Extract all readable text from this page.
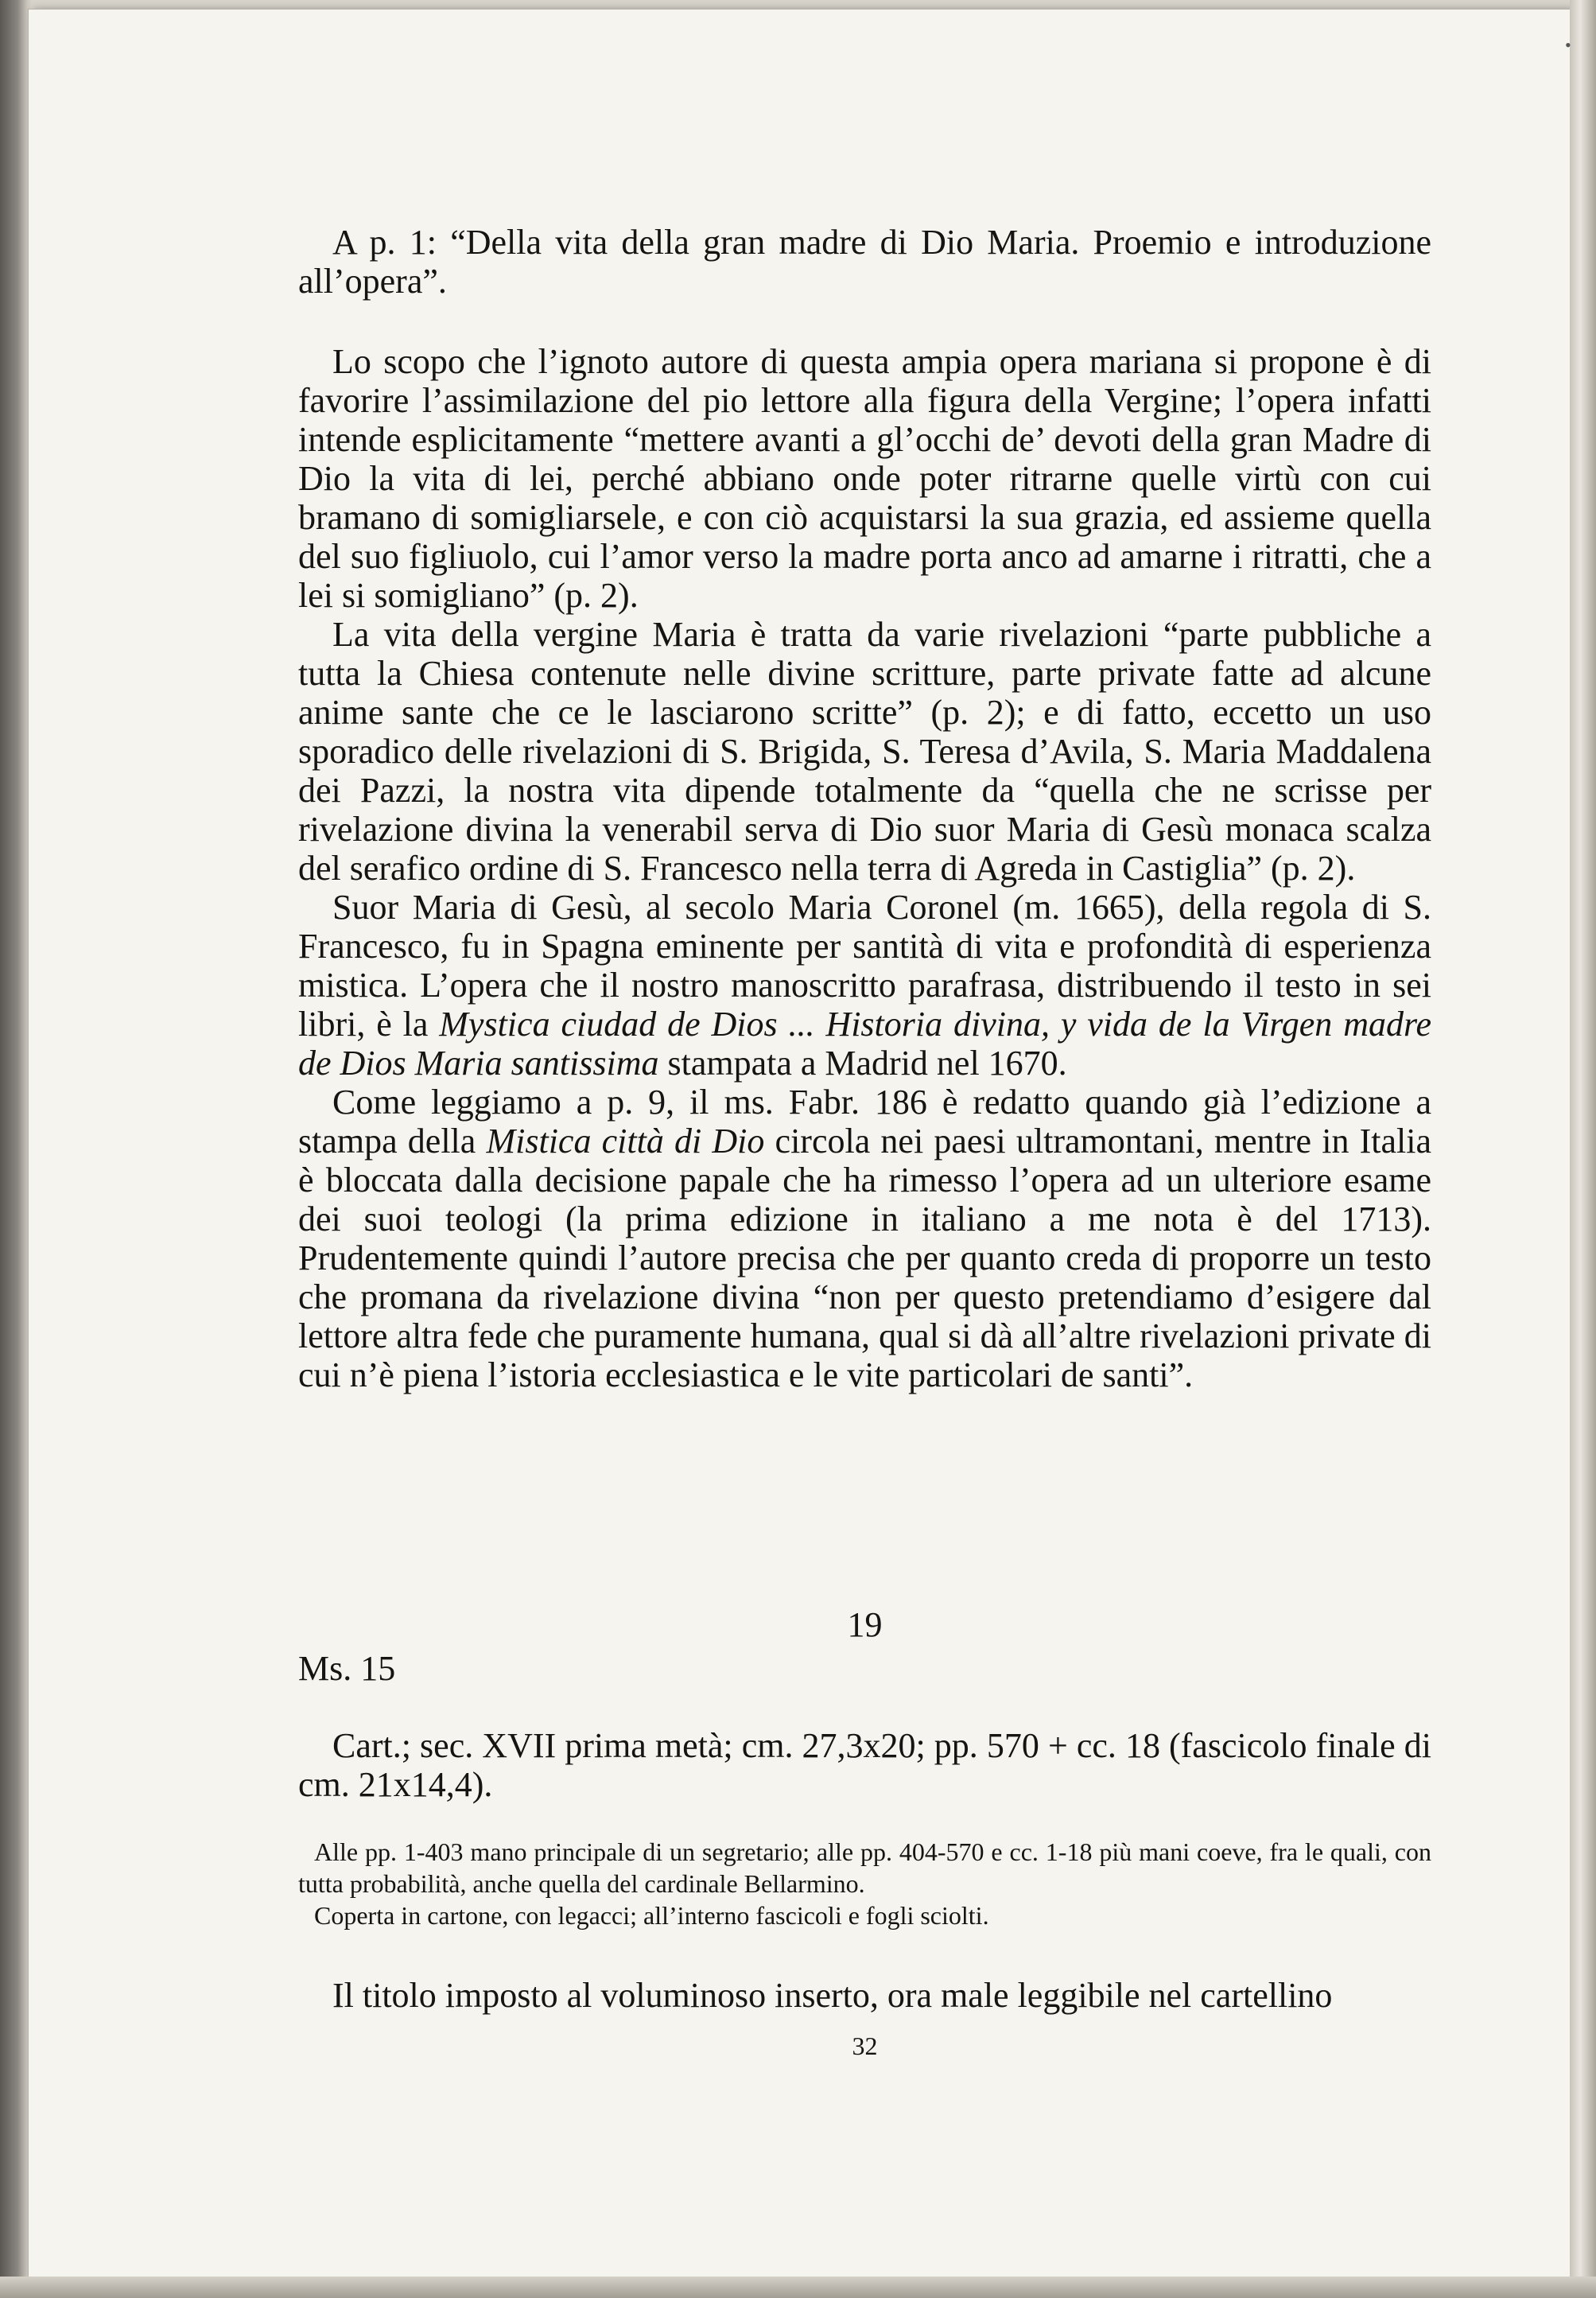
•

A p. 1: “Della vita della gran madre di Dio Maria. Proemio e introduzione all’opera”.

Lo scopo che l’ignoto autore di questa ampia opera mariana si propone è di favorire l’assimilazione del pio lettore alla figura della Vergine; l’opera infatti intende esplicitamente “mettere avanti a gl’occhi de’ devoti della gran Madre di Dio la vita di lei, perché abbiano onde poter ritrarne quelle virtù con cui bramano di somigliarsele, e con ciò acquistarsi la sua grazia, ed assieme quella del suo figliuolo, cui l’amor verso la madre porta anco ad amarne i ritratti, che a lei si somigliano” (p. 2).

La vita della vergine Maria è tratta da varie rivelazioni “parte pubbliche a tutta la Chiesa contenute nelle divine scritture, parte private fatte ad alcune anime sante che ce le lasciarono scritte” (p. 2); e di fatto, eccetto un uso sporadico delle rivelazioni di S. Brigida, S. Teresa d’Avila, S. Maria Maddalena dei Pazzi, la nostra vita dipende totalmente da “quella che ne scrisse per rivelazione divina la venerabil serva di Dio suor Maria di Gesù monaca scalza del serafico ordine di S. Francesco nella terra di Agreda in Castiglia” (p. 2).

Suor Maria di Gesù, al secolo Maria Coronel (m. 1665), della regola di S. Francesco, fu in Spagna eminente per santità di vita e profondità di esperienza mistica. L’opera che il nostro manoscritto parafrasa, distribuendo il testo in sei libri, è la Mystica ciudad de Dios ... Historia divina, y vida de la Virgen madre de Dios Maria santissima stampata a Madrid nel 1670.

Come leggiamo a p. 9, il ms. Fabr. 186 è redatto quando già l’edizione a stampa della Mistica città di Dio circola nei paesi ultramontani, mentre in Italia è bloccata dalla decisione papale che ha rimesso l’opera ad un ulteriore esame dei suoi teologi (la prima edizione in italiano a me nota è del 1713). Prudentemente quindi l’autore precisa che per quanto creda di proporre un testo che promana da rivelazione divina “non per questo pretendiamo d’esigere dal lettore altra fede che puramente humana, qual si dà all’altre rivelazioni private di cui n’è piena l’istoria ecclesiastica e le vite particolari de santi”.

19
Ms. 15

Cart.; sec. XVII prima metà; cm. 27,3x20; pp. 570 + cc. 18 (fascicolo finale di cm. 21x14,4).

Alle pp. 1-403 mano principale di un segretario; alle pp. 404-570 e cc. 1-18 più mani coeve, fra le quali, con tutta probabilità, anche quella del cardinale Bellarmino.

Coperta in cartone, con legacci; all’interno fascicoli e fogli sciolti.

Il titolo imposto al voluminoso inserto, ora male leggibile nel cartellino

32
